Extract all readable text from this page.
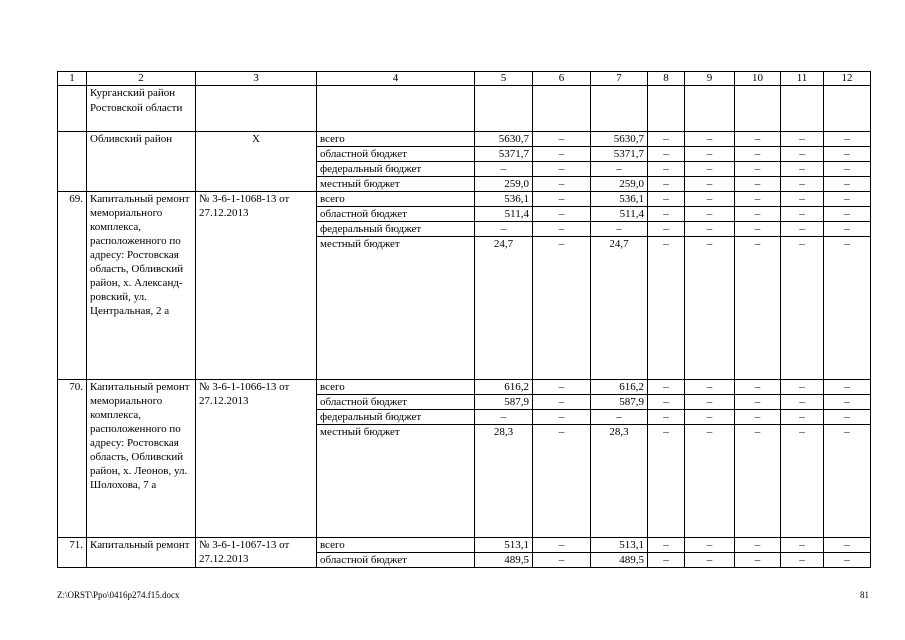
1	2	3	4	5	6	7	8	9	10	11	12
	Курганский район Ростовской области										
	Обливский район	Х	всего	5630,7	–	5630,7	–	–	–	–	–
			областной бюджет	5371,7	–	5371,7	–	–	–	–	–
			федеральный бюджет	–	–	–	–	–	–	–	–
			местный бюджет	259,0	–	259,0	–	–	–	–	–
69.	Капитальный ремонт мемориального комплекса, расположенного по адресу: Ростовская область, Обливский район, х. Александ-ровский, ул. Центральная, 2 а	№ 3-6-1-1068-13 от 27.12.2013	всего	536,1	–	536,1	–	–	–	–	–
			областной бюджет	511,4	–	511,4	–	–	–	–	–
			федеральный бюджет	–	–	–	–	–	–	–	–
			местный бюджет	24,7	–	24,7	–	–	–	–	–
70.	Капитальный ремонт мемориального комплекса, расположенного по адресу: Ростовская область, Обливский район, х. Леонов, ул. Шолохова, 7 а	№ 3-6-1-1066-13 от 27.12.2013	всего	616,2	–	616,2	–	–	–	–	–
			областной бюджет	587,9	–	587,9	–	–	–	–	–
			федеральный бюджет	–	–	–	–	–	–	–	–
			местный бюджет	28,3	–	28,3	–	–	–	–	–
71.	Капитальный ремонт	№ 3-6-1-1067-13 от 27.12.2013	всего	513,1	–	513,1	–	–	–	–	–
			областной бюджет	489,5	–	489,5	–	–	–	–	–
Z:\ORST\Ppo\0416p274.f15.docx	81
